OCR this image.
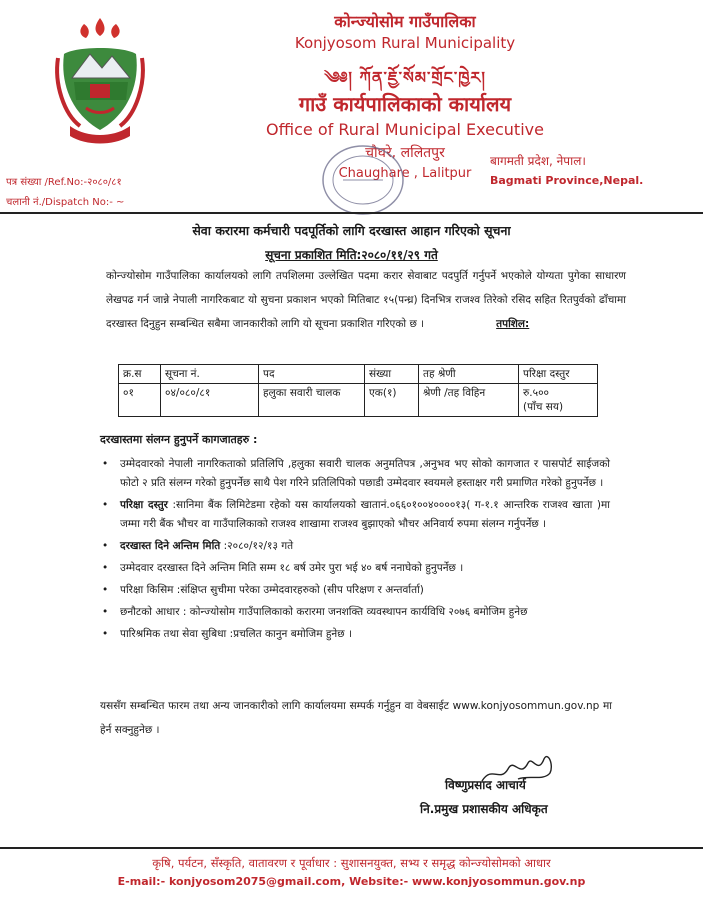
कोन्ज्योसोम गाउँपालिका
Konjyosom Rural Municipality
༄༅། ཀོན་ཇྱོ་སོམ་གྲོང་ཁྱེར།
गाउँ कार्यपालिकाको कार्यालय
Office of Rural Municipal Executive
चौघरे, ललितपुर
Chaughare , Lalitpur
बागमती प्रदेश, नेपाल।
Bagmati Province,Nepal.
पत्र संख्या /Ref.No:-२०८०/८१
चलानी नं./Dispatch No:- ~
सेवा करारमा कर्मचारी पदपूर्तिको लागि दरखास्त आहान गरिएको सूचना
सूचना प्रकाशित मिति:२०८०/११/२९ गते

कोन्ज्योसोम गाउँपालिका कार्यालयको लागि तपशिलमा उल्लेखित पदमा करार सेवाबाट पदपुर्ति गर्नुपर्ने भएकोले योग्यता पुगेका साधारण लेखपढ गर्न जान्ने नेपाली नागरिकबाट यो सुचना प्रकाशन भएको मितिबाट १५(पन्ध्र) दिनभित्र राजश्व तिरेको रसिद सहित रितपुर्वको ढाँचामा दरखास्त दिनुहुन सम्बन्धित सबैमा जानकारीको लागि यो सूचना प्रकाशित गरिएको छ ।	तपशिल:

क्र.स	सूचना नं.	पद	संख्या	तह श्रेणी	परिक्षा दस्तुर
०१	०४/०८०/८१	हलुका सवारी चालक	एक(१)	श्रेणी /तह विहिन	रु.५००
(पाँच सय)
दरखास्तमा संलग्न हुनुपर्ने कागजातहरु :
• उम्मेदवारको नेपाली नागरिकताको प्रतिलिपि ,हलुका सवारी चालक अनुमतिपत्र ,अनुभव भए सोको कागजात र पासपोर्ट साईजको फोटो २ प्रति संलग्न गरेको हुनुपर्नेछ साथै पेश गरिने प्रतिलिपिको पछाडी उम्मेदवार स्वयमले हस्ताक्षर गरी प्रमाणित गरेको हुनुपर्नेछ ।
• परिक्षा दस्तुर :सानिमा बैंक लिमिटेडमा रहेको यस कार्यालयको खातानं.०६६०१००४००००१३( ग-१.१ आन्तरिक राजश्व खाता )मा जम्मा गरी बैंक भौचर वा गाउँपालिकाको राजश्व शाखामा राजश्व बुझाएको भौचर अनिवार्य रुपमा संलग्न गर्नुपर्नेछ ।
• दरखास्त दिने अन्तिम मिति :२०८०/१२/१३ गते
• उम्मेदवार दरखास्त दिने अन्तिम मिति सम्म १८ बर्ष उमेर पुरा भई ४० बर्ष ननाघेको हुनुपर्नेछ ।
• परिक्षा किसिम :संक्षिप्त सुचीमा परेका उम्मेदवारहरुको (सीप परिक्षण र अन्तर्वार्ता)
• छनौटको आधार : कोन्ज्योसोम गाउँपालिकाको करारमा जनशक्ति व्यवस्थापन कार्यविधि २०७६ बमोजिम हुनेछ
• पारिश्रमिक तथा सेवा सुबिधा :प्रचलित कानुन बमोजिम हुनेछ ।

यससँग सम्बन्धित फारम तथा अन्य जानकारीको लागि कार्यालयमा सम्पर्क गर्नुहुन वा वेबसाईट www.konjyosommun.gov.np मा हेर्न सक्नुहुनेछ ।

विष्णुप्रसाद आचार्य
नि.प्रमुख प्रशासकीय अधिकृत
कृषि, पर्यटन, सँस्कृति, वातावरण र पूर्वाधार : सुशासनयुक्त, सभ्य र समृद्ध कोन्ज्योसोमको आधार
E-mail:- konjyosom2075@gmail.com, Website:- www.konjyosommun.gov.np
